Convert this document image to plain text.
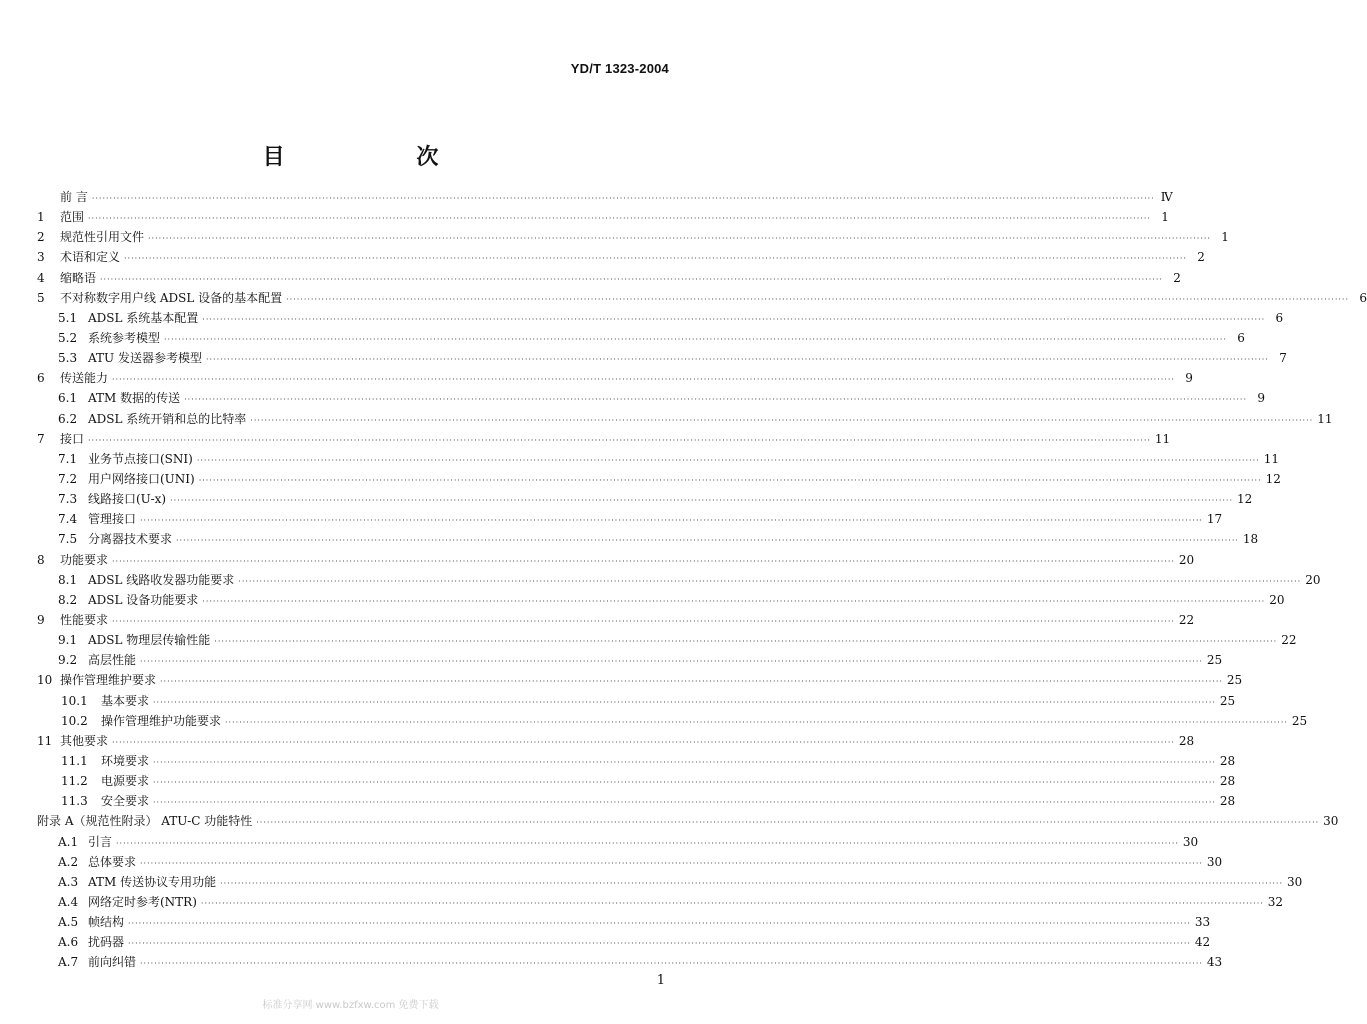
YD/T 1323-2004
目 次
前 言 ············································································································································································································································································································ Ⅳ
1	范围 ············································································································································································································································································································ 1
2	规范性引用文件 ············································································································································································································································································································ 1
3	术语和定义 ············································································································································································································································································································ 2
4	缩略语 ············································································································································································································································································································ 2
5	不对称数字用户线 ADSL 设备的基本配置 ············································································································································································································································································································ 6
5.1 ADSL 系统基本配置 ············································································································································································································································································································ 6
5.2 系统参考模型 ············································································································································································································································································································ 6
5.3 ATU 发送器参考模型 ············································································································································································································································································································ 7
6	传送能力 ············································································································································································································································································································ 9
6.1 ATM 数据的传送 ············································································································································································································································································································ 9
6.2 ADSL 系统开销和总的比特率 ············································································································································································································································································································ 11
7	接口 ············································································································································································································································································································ 11
7.1 业务节点接口(SNI) ············································································································································································································································································································ 11
7.2 用户网络接口(UNI) ············································································································································································································································································································ 12
7.3 线路接口(U-x) ············································································································································································································································································································ 12
7.4 管理接口 ············································································································································································································································································································ 17
7.5 分离器技术要求 ············································································································································································································································································································ 18
8	功能要求 ············································································································································································································································································································ 20
8.1 ADSL 线路收发器功能要求 ············································································································································································································································································································ 20
8.2 ADSL 设备功能要求 ············································································································································································································································································································ 20
9	性能要求 ············································································································································································································································································································ 22
9.1 ADSL 物理层传输性能 ············································································································································································································································································································ 22
9.2 高层性能 ············································································································································································································································································································ 25
10 操作管理维护要求 ············································································································································································································································································································ 25
10.1	基本要求 ············································································································································································································································································································ 25
10.2	操作管理维护功能要求 ············································································································································································································································································································ 25
11 其他要求 ············································································································································································································································································································ 28
11.1	环境要求 ············································································································································································································································································································ 28
11.2	电源要求 ············································································································································································································································································································ 28
11.3	安全要求 ············································································································································································································································································································ 28
附录 A（规范性附录） ATU-C 功能特性 ············································································································································································································································································································ 30
A.1 引言 ············································································································································································································································································································ 30
A.2 总体要求 ············································································································································································································································································································ 30
A.3 ATM 传送协议专用功能 ············································································································································································································································································································ 30
A.4 网络定时参考(NTR) ············································································································································································································································································································ 32
A.5 帧结构 ············································································································································································································································································································ 33
A.6 扰码器 ············································································································································································································································································································ 42
A.7 前向纠错 ············································································································································································································································································································ 43
1
标准分享网 www.bzfxw.com 免费下载
